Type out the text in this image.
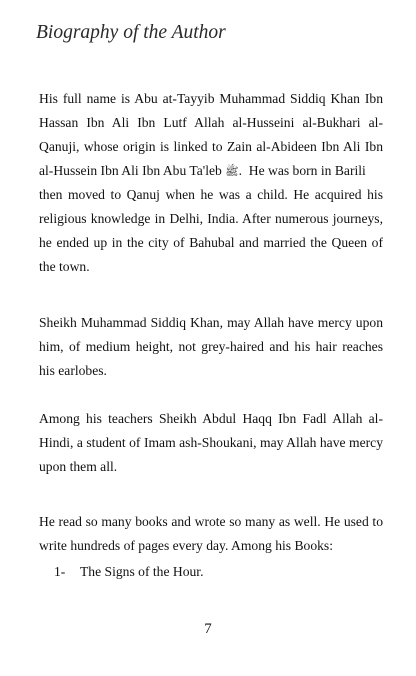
Biography of the Author
His full name is Abu at-Tayyib Muhammad Siddiq Khan Ibn
Hassan Ibn Ali Ibn Lutf Allah al-Husseini al-Bukhari al-
Qanuji, whose origin is linked to Zain al-Abideen Ibn Ali Ibn
al-Hussein Ibn Ali Ibn Abu Ta'leb ﷺ.  He was born in Barili
then moved to Qanuj when he was a child. He acquired his
religious knowledge in Delhi, India. After numerous journeys,
he ended up in the city of Bahubal and married the Queen of
the town.
Sheikh Muhammad Siddiq Khan, may Allah have mercy upon
him, of medium height, not grey-haired and his hair reaches
his earlobes.
Among his teachers Sheikh Abdul Haqq Ibn Fadl Allah al-
Hindi, a student of Imam ash-Shoukani, may Allah have mercy
upon them all.
He read so many books and wrote so many as well. He used to
write hundreds of pages every day. Among his Books:
1- The Signs of the Hour.
7
